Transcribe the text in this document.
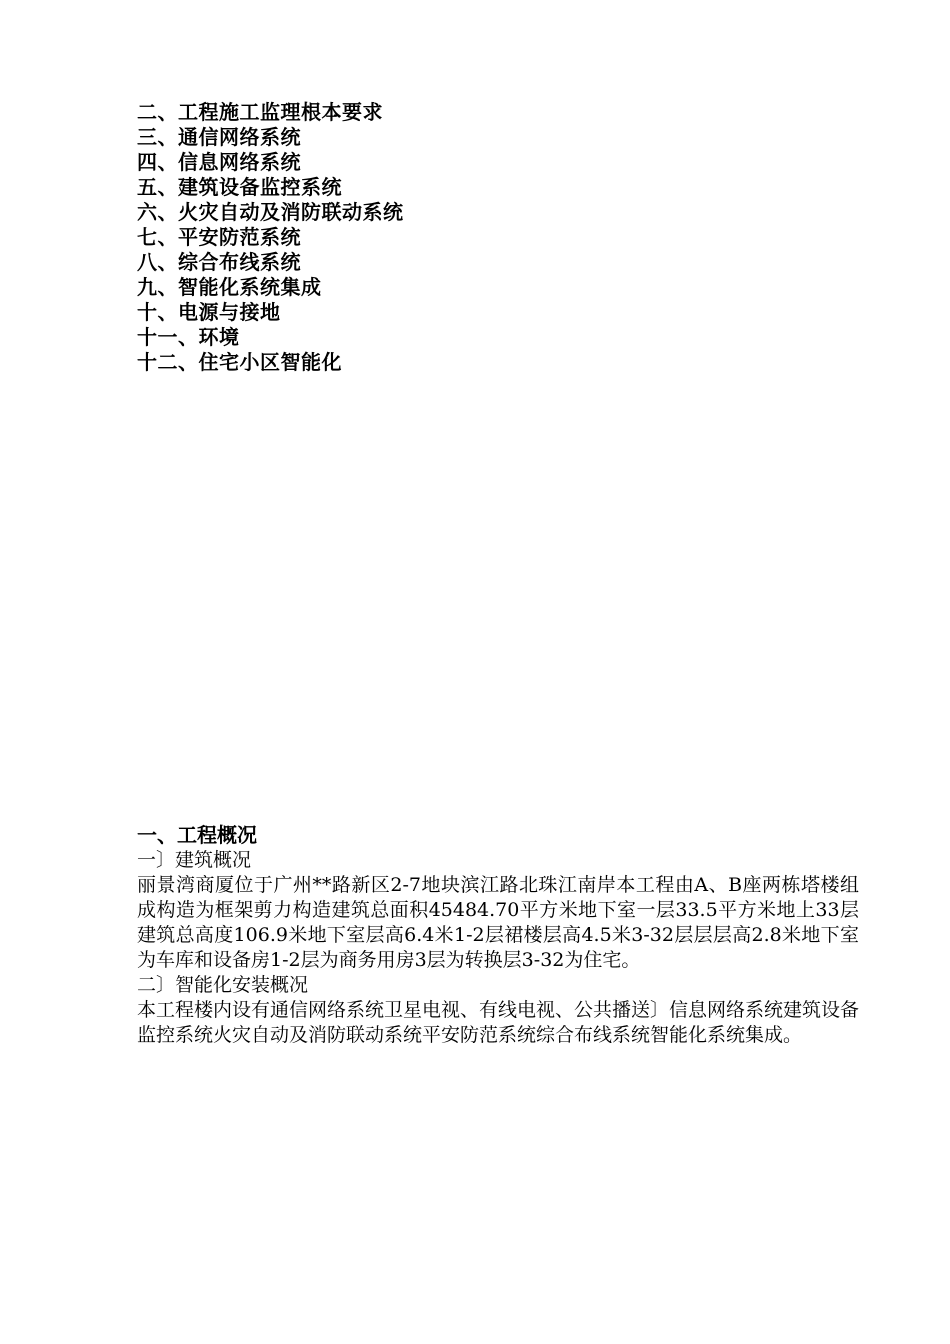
二、工程施工监理根本要求
三、通信网络系统
四、信息网络系统
五、建筑设备监控系统
六、火灾自动及消防联动系统
七、平安防范系统
八、综合布线系统
九、智能化系统集成
十、电源与接地
十一、环境
十二、住宅小区智能化
一、工程概况
一〕建筑概况
丽景湾商厦位于广州**路新区2-7地块滨江路北珠江南岸本工程由A、B座两栋塔楼组成构造为框架剪力构造建筑总面积45484.70平方米地下室一层33.5平方米地上33层建筑总高度106.9米地下室层高6.4米1-2层裙楼层高4.5米3-32层层层高2.8米地下室为车库和设备房1-2层为商务用房3层为转换层3-32为住宅。
二〕智能化安装概况
本工程楼内设有通信网络系统卫星电视、有线电视、公共播送〕信息网络系统建筑设备监控系统火灾自动及消防联动系统平安防范系统综合布线系统智能化系统集成。
